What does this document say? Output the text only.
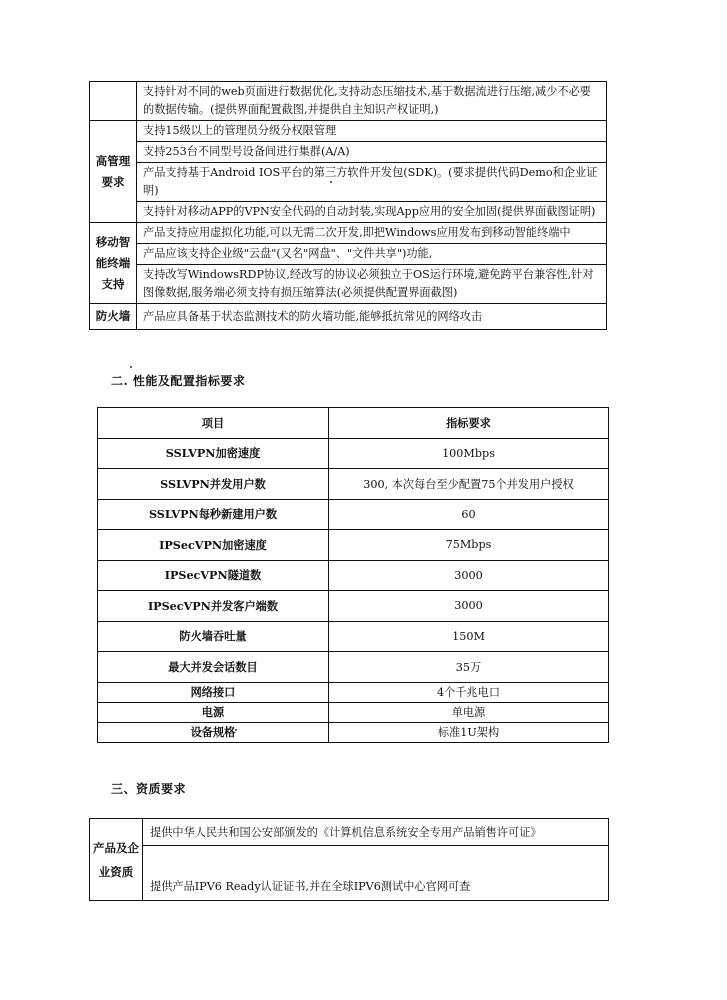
	支持针对不同的web页面进行数据优化,支持动态压缩技术,基于数据流进行压缩,减少不必要的数据传输。(提供界面配置截图,并提供自主知识产权证明,)
高管理要求	支持15级以上的管理员分级分权限管理
	支持253台不同型号设备间进行集群(A/A)
	产品支持基于Android IOS平台的第三方软件开发包(SDK)。(要求提供代码Demo和企业证明)
	支持针对移动APP的VPN安全代码的自动封装,实现App应用的安全加固(提供界面截图证明)
移动智能终端支持	产品支持应用虚拟化功能,可以无需二次开发,即把Windows应用发布到移动智能终端中
	产品应该支持企业级"云盘"(又名"网盘"、"文件共享")功能,
	支持改写WindowsRDP协议,经改写的协议必须独立于OS运行环境,避免跨平台兼容性,针对图像数据,服务端必须支持有损压缩算法(必须提供配置界面截图)
防火墙	产品应具备基于状态监测技术的防火墙功能,能够抵抗常见的网络攻击
二. 性能及配置指标要求
项目	指标要求
SSLVPN加密速度	100Mbps
SSLVPN并发用户数	300, 本次每台至少配置75个并发用户授权
SSLVPN每秒新建用户数	60
IPSecVPN加密速度	75Mbps
IPSecVPN隧道数	3000
IPSecVPN并发客户端数	3000
防火墙吞吐量	150M
最大并发会话数目	35万
网络接口	4个千兆电口
电源	单电源
设备规格	标准1U架构
三、资质要求
产品及企业资质	提供中华人民共和国公安部颁发的《计算机信息系统安全专用产品销售许可证》
提供产品IPV6 Ready认证证书,并在全球IPV6测试中心官网可查
